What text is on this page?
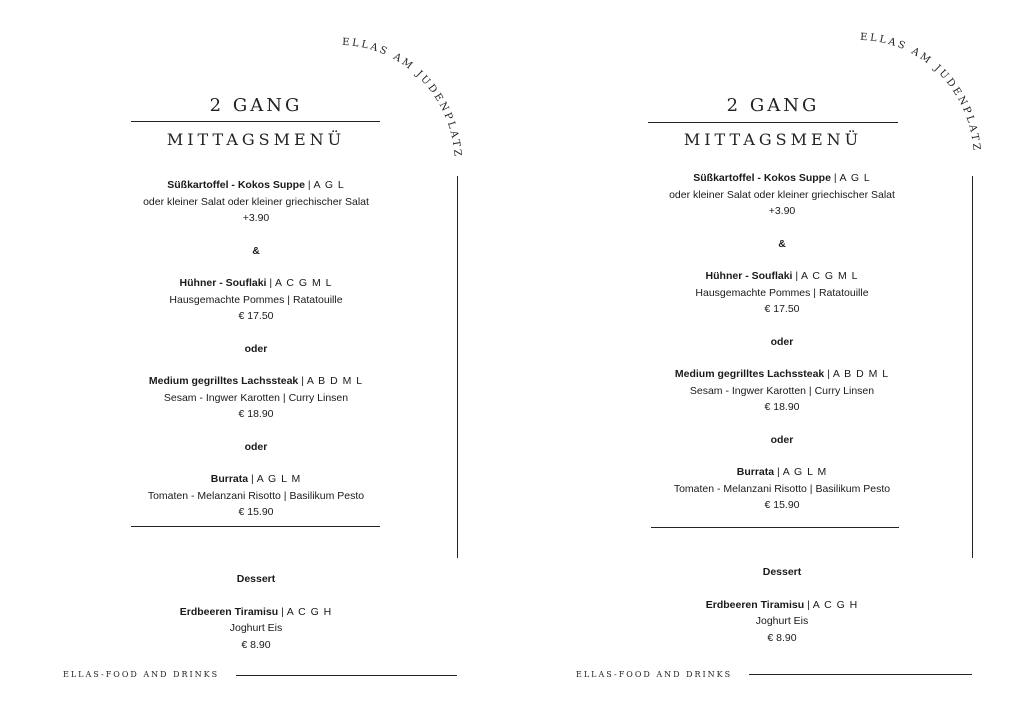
ELLAS AM JUDENPLATZ
2 GANG
MITTAGSMENÜ
Süßkartoffel - Kokos Suppe | A G L
oder kleiner Salat oder kleiner griechischer Salat
+3.90
&
Hühner - Souflaki | A C G M L
Hausgemachte Pommes | Ratatouille
€ 17.50
oder
Medium gegrilltes Lachssteak | A B D M L
Sesam - Ingwer Karotten | Curry Linsen
€ 18.90
oder
Burrata | A G L M
Tomaten - Melanzani Risotto | Basilikum Pesto
€ 15.90
Dessert
Erdbeeren Tiramisu | A C G H
Joghurt Eis
€ 8.90
ELLAS-FOOD AND DRINKS
ELLAS AM JUDENPLATZ
2 GANG
MITTAGSMENÜ
Süßkartoffel - Kokos Suppe | A G L
oder kleiner Salat oder kleiner griechischer Salat
+3.90
&
Hühner - Souflaki | A C G M L
Hausgemachte Pommes | Ratatouille
€ 17.50
oder
Medium gegrilltes Lachssteak | A B D M L
Sesam - Ingwer Karotten | Curry Linsen
€ 18.90
oder
Burrata | A G L M
Tomaten - Melanzani Risotto | Basilikum Pesto
€ 15.90
Dessert
Erdbeeren Tiramisu | A C G H
Joghurt Eis
€ 8.90
ELLAS-FOOD AND DRINKS
